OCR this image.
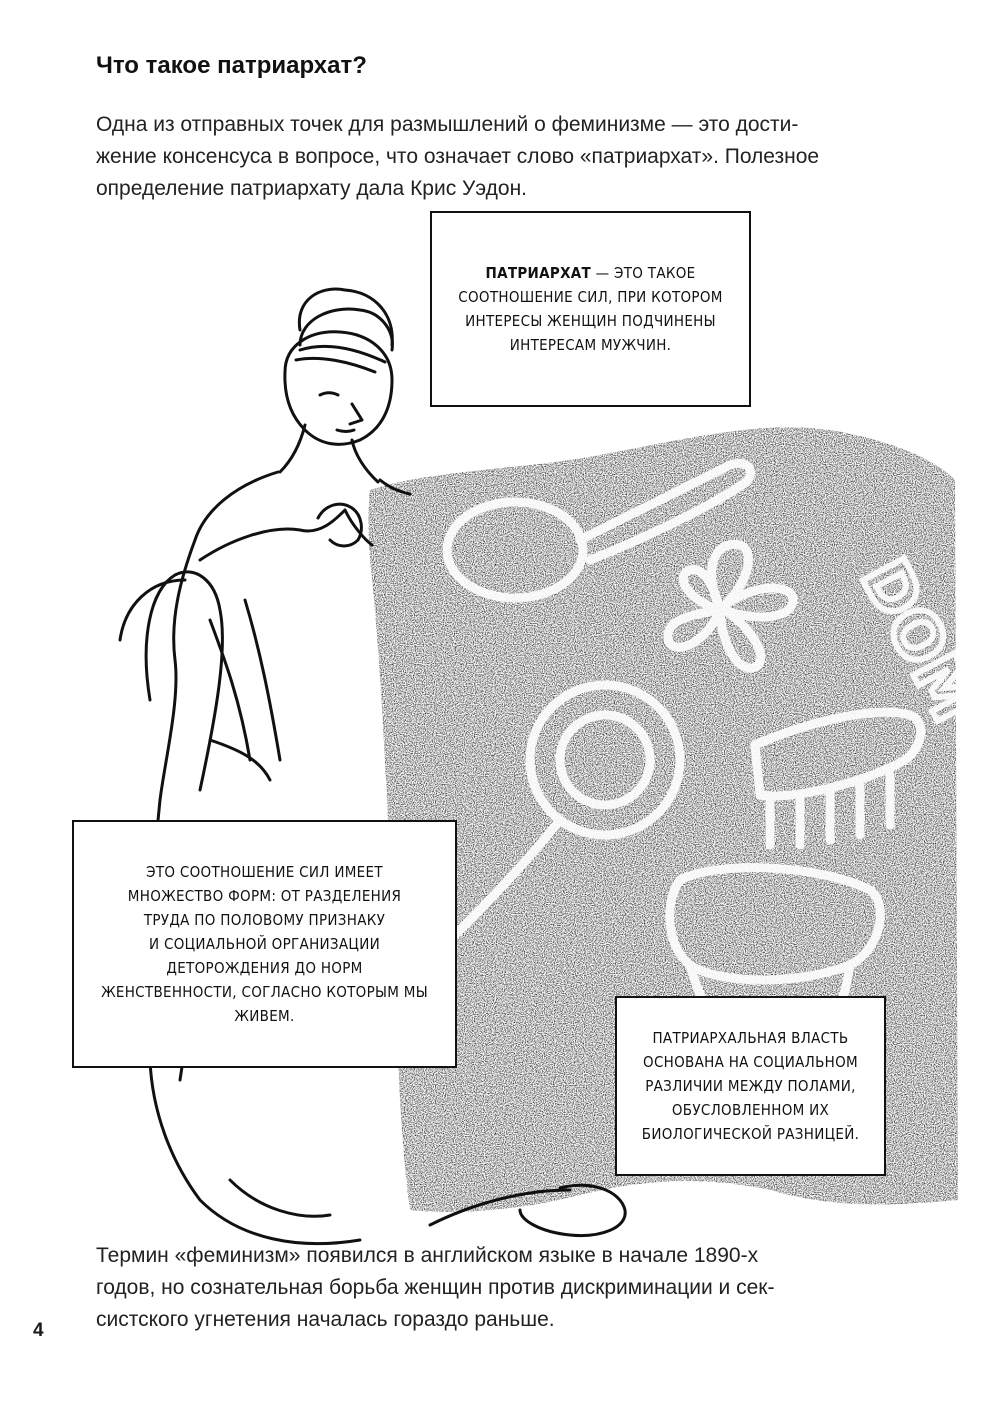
Что такое патриархат?

Одна из отправных точек для размышлений о феминизме — это дости-
жение консенсуса в вопросе, что означает слово «патриархат». Полезное
определение патриархату дала Крис Уэдон.

DOM
ПАТРИАРХАТ — ЭТО ТАКОЕ
СООТНОШЕНИЕ СИЛ, ПРИ КОТОРОМ
ИНТЕРЕСЫ ЖЕНЩИН ПОДЧИНЕНЫ
ИНТЕРЕСАМ МУЖЧИН.
ЭТО СООТНОШЕНИЕ СИЛ ИМЕЕТ
МНОЖЕСТВО ФОРМ: ОТ РАЗДЕЛЕНИЯ
ТРУДА ПО ПОЛОВОМУ ПРИЗНАКУ
И СОЦИАЛЬНОЙ ОРГАНИЗАЦИИ
ДЕТОРОЖДЕНИЯ ДО НОРМ
ЖЕНСТВЕННОСТИ, СОГЛАСНО КОТОРЫМ МЫ
ЖИВЕМ.
ПАТРИАРХАЛЬНАЯ ВЛАСТЬ
ОСНОВАНА НА СОЦИАЛЬНОМ
РАЗЛИЧИИ МЕЖДУ ПОЛАМИ,
ОБУСЛОВЛЕННОМ ИХ
БИОЛОГИЧЕСКОЙ РАЗНИЦЕЙ.

Термин «феминизм» появился в английском языке в начале 1890-х
годов, но сознательная борьба женщин против дискриминации и сек-
систского угнетения началась гораздо раньше.

4
